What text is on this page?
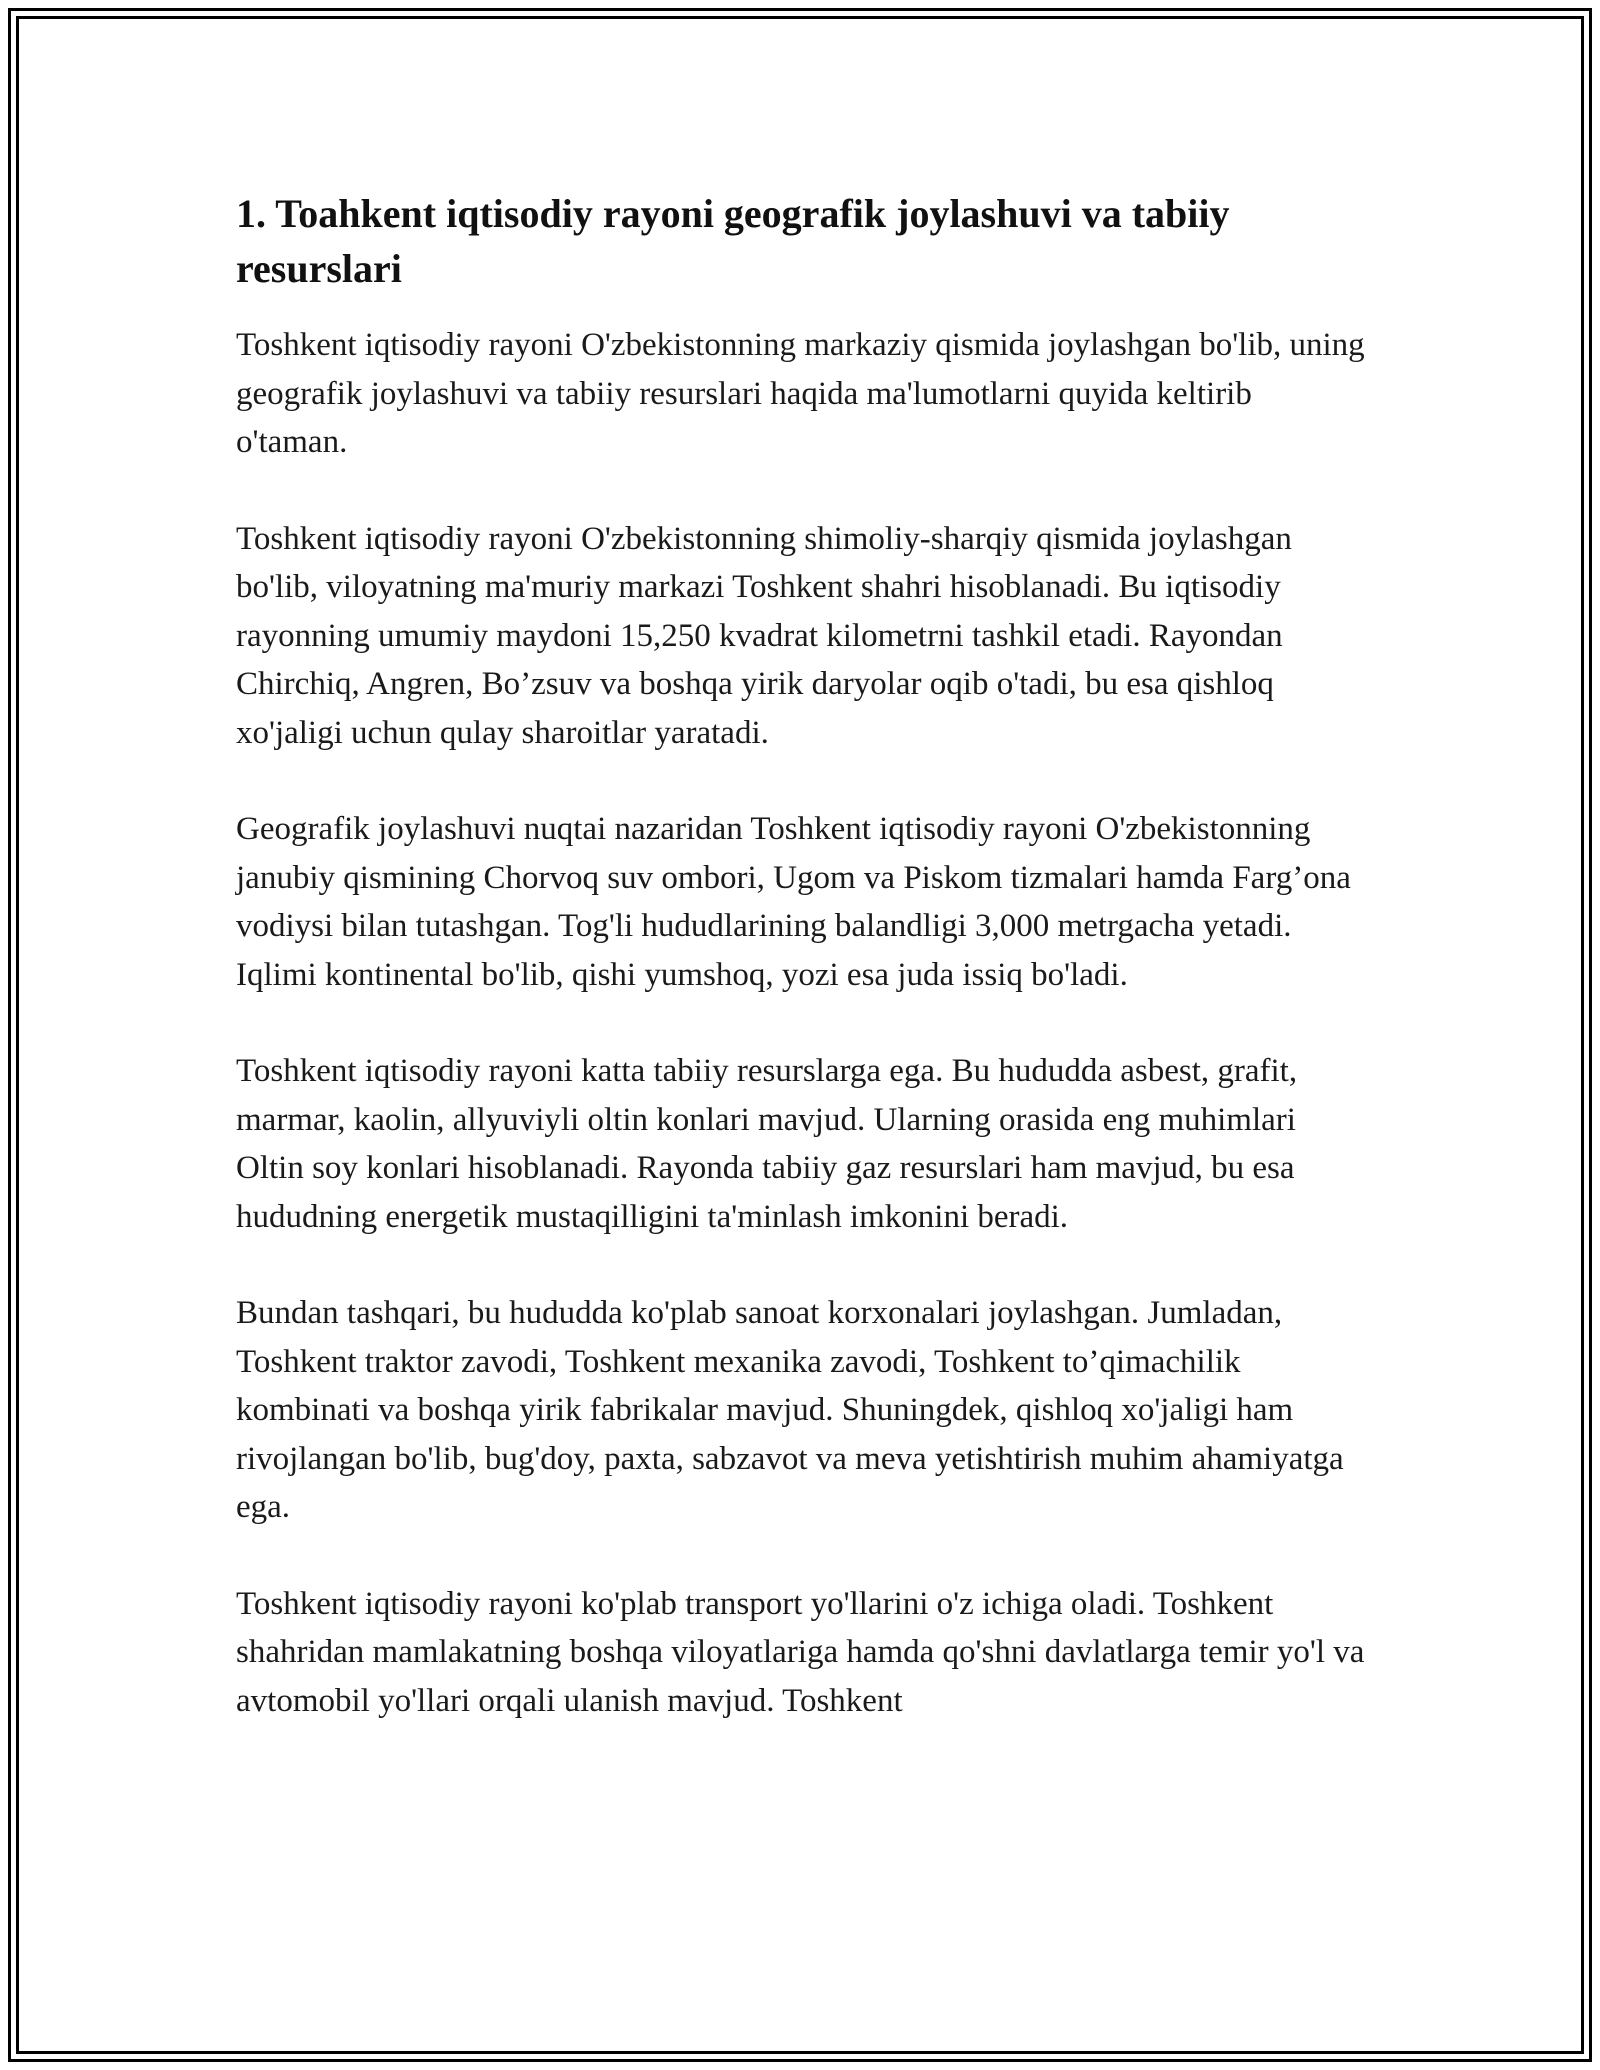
1. Toahkent iqtisodiy rayoni geografik joylashuvi va tabiiy resurslari

Toshkent iqtisodiy rayoni O'zbekistonning markaziy qismida joylashgan bo'lib, uning geografik joylashuvi va tabiiy resurslari haqida ma'lumotlarni quyida keltirib o'taman.

Toshkent iqtisodiy rayoni O'zbekistonning shimoliy-sharqiy qismida joylashgan bo'lib, viloyatning ma'muriy markazi Toshkent shahri hisoblanadi. Bu iqtisodiy rayonning umumiy maydoni 15,250 kvadrat kilometrni tashkil etadi. Rayondan Chirchiq, Angren, Bo’zsuv va boshqa yirik daryolar oqib o'tadi, bu esa qishloq xo'jaligi uchun qulay sharoitlar yaratadi.

Geografik joylashuvi nuqtai nazaridan Toshkent iqtisodiy rayoni O'zbekistonning janubiy qismining Chorvoq suv ombori, Ugom va Piskom tizmalari hamda Farg’ona vodiysi bilan tutashgan. Tog'li hududlarining balandligi 3,000 metrgacha yetadi. Iqlimi kontinental bo'lib, qishi yumshoq, yozi esa juda issiq bo'ladi.

Toshkent iqtisodiy rayoni katta tabiiy resurslarga ega. Bu hududda asbest, grafit, marmar, kaolin, allyuviyli oltin konlari mavjud. Ularning orasida eng muhimlari Oltin soy konlari hisoblanadi. Rayonda tabiiy gaz resurslari ham mavjud, bu esa hududning energetik mustaqilligini ta'minlash imkonini beradi.

Bundan tashqari, bu hududda ko'plab sanoat korxonalari joylashgan. Jumladan, Toshkent traktor zavodi, Toshkent mexanika zavodi, Toshkent to’qimachilik kombinati va boshqa yirik fabrikalar mavjud. Shuningdek, qishloq xo'jaligi ham rivojlangan bo'lib, bug'doy, paxta, sabzavot va meva yetishtirish muhim ahamiyatga ega.

Toshkent iqtisodiy rayoni ko'plab transport yo'llarini o'z ichiga oladi. Toshkent shahridan mamlakatning boshqa viloyatlariga hamda qo'shni davlatlarga temir yo'l va avtomobil yo'llari orqali ulanish mavjud. Toshkent
